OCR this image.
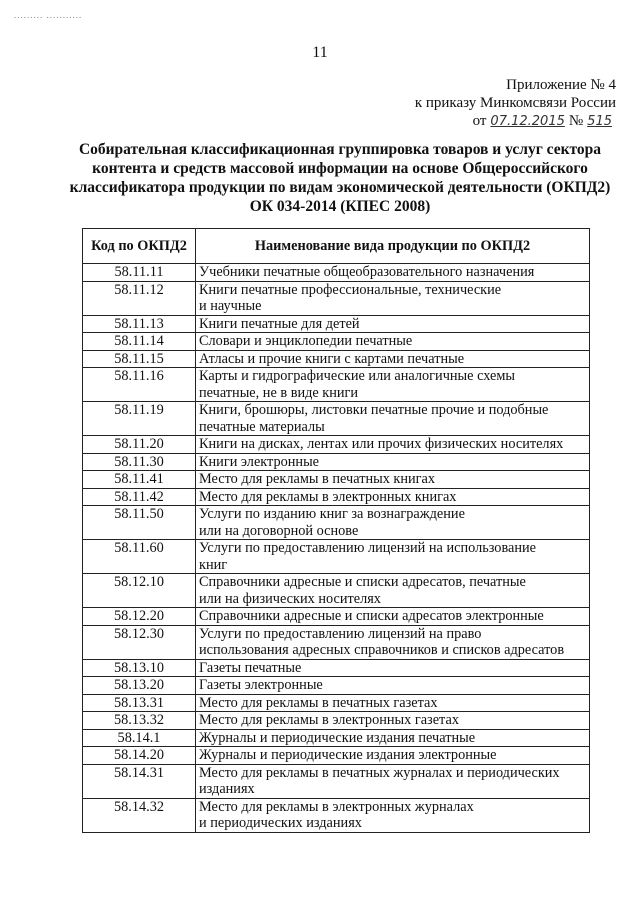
......... ...........
11
Приложение № 4
к приказу Минкомсвязи России
от 07.12.2015 № 515
Собирательная классификационная группировка товаров и услуг сектора
контента и средств массовой информации на основе Общероссийского
классификатора продукции по видам экономической деятельности (ОКПД2)
ОК 034-2014 (КПЕС 2008)
Код по ОКПД2	Наименование вида продукции по ОКПД2
58.11.11	Учебники печатные общеобразовательного назначения
58.11.12	Книги печатные профессиональные, технические
и научные
58.11.13	Книги печатные для детей
58.11.14	Словари и энциклопедии печатные
58.11.15	Атласы и прочие книги с картами печатные
58.11.16	Карты и гидрографические или аналогичные схемы
печатные, не в виде книги
58.11.19	Книги, брошюры, листовки печатные прочие и подобные
печатные материалы
58.11.20	Книги на дисках, лентах или прочих физических носителях
58.11.30	Книги электронные
58.11.41	Место для рекламы в печатных книгах
58.11.42	Место для рекламы в электронных книгах
58.11.50	Услуги по изданию книг за вознаграждение
или на договорной основе
58.11.60	Услуги по предоставлению лицензий на использование
книг
58.12.10	Справочники адресные и списки адресатов, печатные
или на физических носителях
58.12.20	Справочники адресные и списки адресатов электронные
58.12.30	Услуги по предоставлению лицензий на право
использования адресных справочников и списков адресатов
58.13.10	Газеты печатные
58.13.20	Газеты электронные
58.13.31	Место для рекламы в печатных газетах
58.13.32	Место для рекламы в электронных газетах
58.14.1	Журналы и периодические издания печатные
58.14.20	Журналы и периодические издания электронные
58.14.31	Место для рекламы в печатных журналах и периодических
изданиях
58.14.32	Место для рекламы в электронных журналах
и периодических изданиях
